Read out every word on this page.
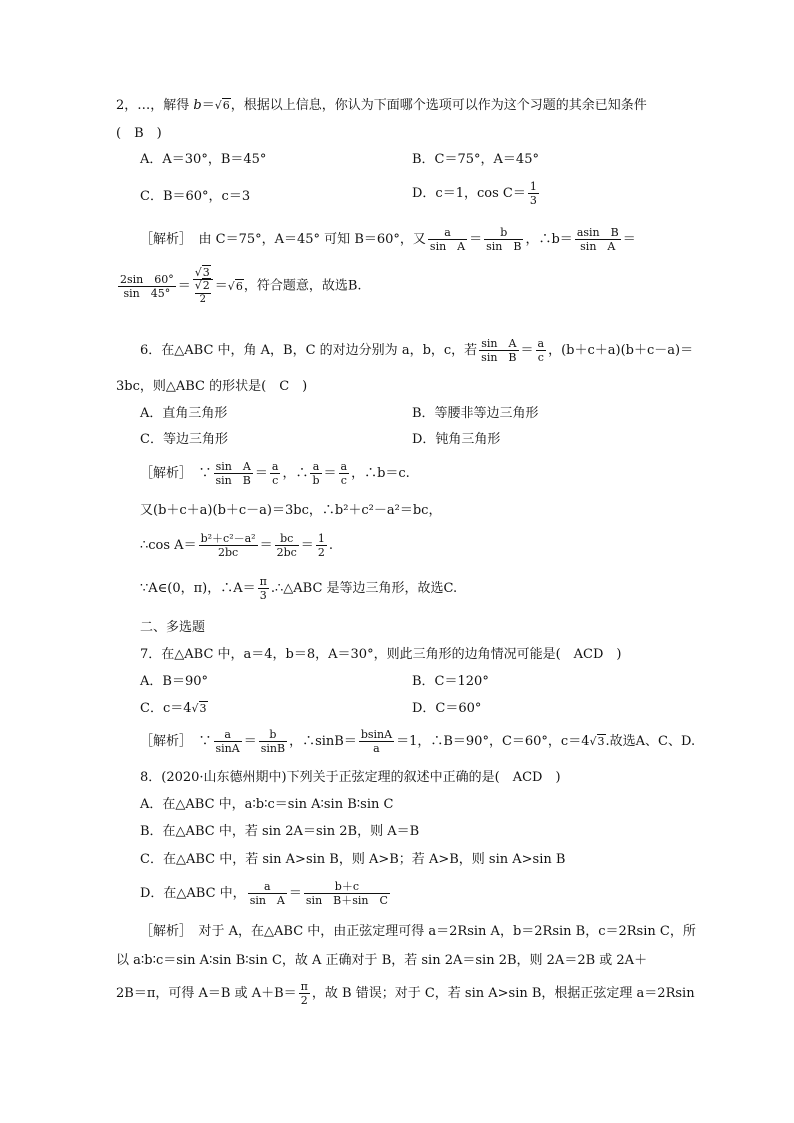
2，…，解得 b＝√6，根据以上信息，你认为下面哪个选项可以作为这个习题的其余已知条件
(　B　)
A．A＝30°，B＝45°	B．C＝75°，A＝45°
C．B＝60°，c＝3	D．c＝1，$\cos C= \frac{1}{3}$
［解析］　由 C＝75°，A＝45° 可知 B＝60°，又 $\frac{a}{\text{sin　A}} = \frac{b}{\text{sin　B}}$ ，∴b＝ $\frac{\text{asin　B}}{\text{sin　A}}$ ＝
$\frac{2\sin 60^\circ}{\sin 45^\circ} = \frac{√3}{\frac{√2}{2}} =√6$，符合题意，故选B.
6．在△ABC 中，角 A，B，C 的对边分别为 a，b，c，若 $\frac{\text{sin　A}}{\text{sin　B}} = \frac{a}{c}$ ，(b＋c＋a)(b＋c－a)＝
3bc，则△ABC 的形状是(　C　)
A．直角三角形	B．等腰非等边三角形
C．等边三角形	D．钝角三角形
［解析］　∵ $\frac{\text{sin　A}}{\text{sin　B}} = \frac{a}{c}$ ，∴ $\frac{a}{b} = \frac{a}{c}$ ，∴b＝c.
又(b＋c＋a)(b＋c－a)＝3bc，∴b²＋c²－a²＝bc，
∴cos $A= \frac{\text{b²＋c²－a²}}{2bc} = \frac{bc}{2bc} = \frac{1}{2}$ .
∵A∈(0，π)，∴A＝ $\frac{\pi}{3}$ .∴△ABC 是等边三角形，故选C.
二、多选题
7．在△ABC 中，a＝4，b＝8，A＝30°，则此三角形的边角情况可能是(　ACD　)
A．B＝90°	B．C＝120°
C．c＝4√3	D．C＝60°
［解析］　∵ $\frac{a}{\sin A} = \frac{b}{\sin B}$ ，∴sinB＝ $\frac{bsinA}{a} =1$，∴B＝90°，C＝60°，c＝4√3.故选A、C、D.
8．(2020·山东德州期中)下列关于正弦定理的叙述中正确的是(　ACD　)
A．在△ABC 中，a∶b∶c＝sin A∶sin B∶sin C
B．在△ABC 中，若 sin 2A＝sin 2B，则 A＝B
C．在△ABC 中，若 sin A>sin B，则 A>B；若 A>B，则 sin A>sin B
D．在△ABC 中， $\frac{a}{\text{sin　A}} = \frac{b+c}{\text{sin　B＋sin　C}}$
［解析］　对于 A，在△ABC 中，由正弦定理可得 a＝2Rsin A，b＝2Rsin B，c＝2Rsin C，所
以 a∶b∶c＝sin A∶sin B∶sin C，故 A 正确对于 B，若 sin 2A＝sin 2B，则 2A＝2B 或 2A＋
2B＝π，可得 A＝B 或 $A+B= \frac{\pi}{2}$ ，故 B 错误；对于 C，若 sin A>sin B，根据正弦定理 a＝2Rsin
